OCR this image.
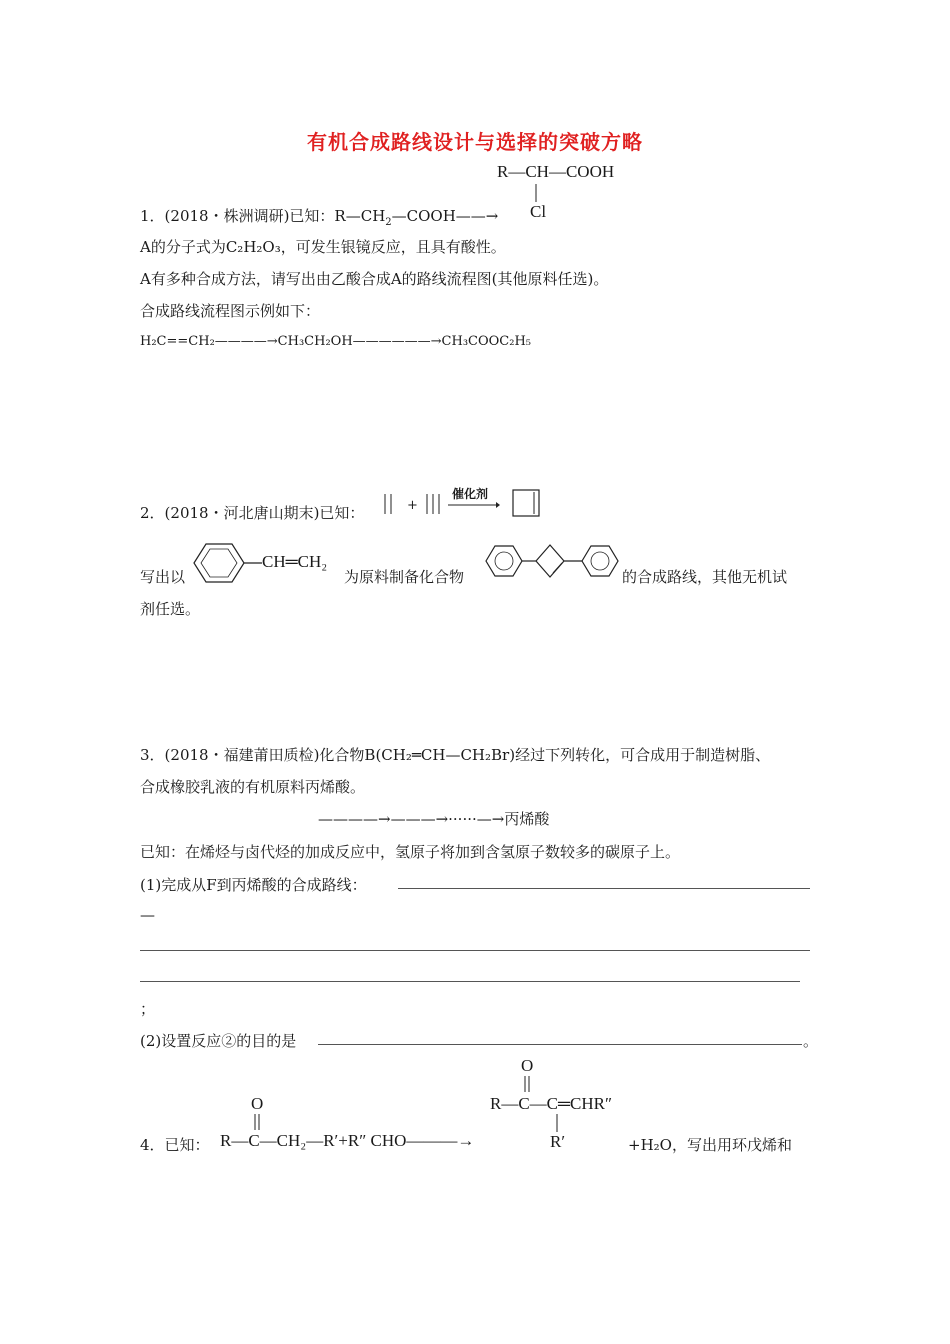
有机合成路线设计与选择的突破方略
R—CH—COOH
Cl
1．(2018・株洲调研)已知：$R—CH_2—COOH——\to$
A的分子式为C₂H₂O₃，可发生银镜反应，且具有酸性。
A有多种合成方法，请写出由乙酸合成A的路线流程图(其他原料任选)。
合成路线流程图示例如下：
H₂C==CH₂————→CH₃CH₂OH——————→CH₃COOC₂H₅
2．(2018・河北唐山期末)已知：	+
催化剂
CH═CH₂
写出以	为原料制备化合物	的合成路线，其他无机试
剂任选。
3．(2018・福建莆田质检)化合物B(CH₂═CH—CH₂Br)经过下列转化，可合成用于制造树脂、
合成橡胶乳液的有机原料丙烯酸。
————→———→······—→丙烯酸
已知：在烯烃与卤代烃的加成反应中，氢原子将加到含氢原子数较多的碳原子上。
(1)完成从F到丙烯酸的合成路线：
—
；
(2)设置反应②的目的是	。
O
R—C—C═CHR″
R′
O
4．已知： R—C—CH₂—R′+R″ CHO———→	+H₂O，写出用环戊烯和
